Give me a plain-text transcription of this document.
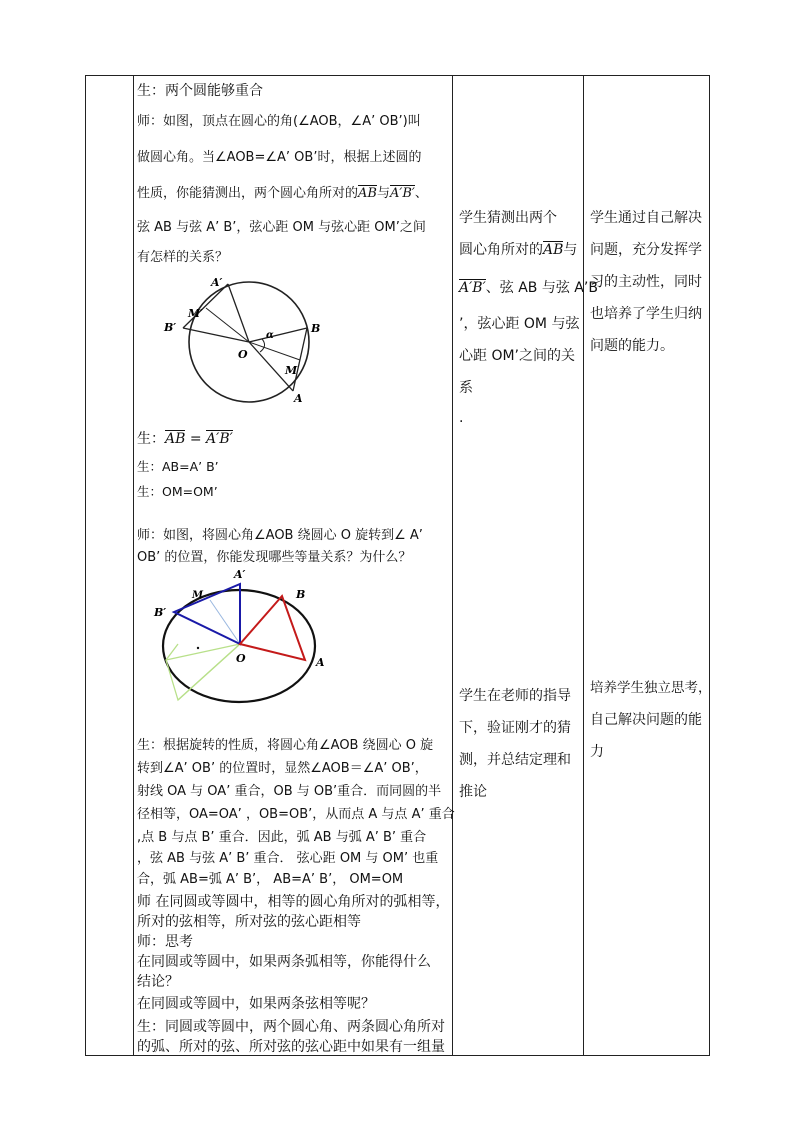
生：两个圆能够重合
师：如图，顶点在圆心的角(∠AOB，∠A’ OB’)叫
做圆心角。当∠AOB=∠A’ OB’时，根据上述圆的
性质，你能猜测出，两个圆心角所对的AB与A′B′、
弦 AB 与弦 A’ B’，弦心距 OM 与弦心距 OM’之间
有怎样的关系？
A′
B′
M′
O
B
A
M
α
生：AB = A′B′
生：AB=A’ B’
生：OM=OM’
师：如图，将圆心角∠AOB 绕圆心 O 旋转到∠ A’
OB’ 的位置，你能发现哪些等量关系？为什么？
A′
B′
M	B
O	A
生：根据旋转的性质，将圆心角∠AOB 绕圆心 O 旋
转到∠A’ OB’ 的位置时，显然∠AOB＝∠A’ OB’，
射线 OA 与 OA’ 重合，OB 与 OB’重合．而同圆的半
径相等，OA=OA’ ，OB=OB’，从而点 A 与点 A’ 重合
,点 B 与点 B’ 重合．因此，弧 AB 与弧 A’ B’ 重合
，弦 AB 与弦 A’ B’ 重合． 弦心距 OM 与 OM’ 也重
合，弧 AB=弧 A’ B’， AB=A’ B’， OM=OM
师 在同圆或等圆中，相等的圆心角所对的弧相等，
所对的弦相等，所对弦的弦心距相等
师：思考
在同圆或等圆中，如果两条弧相等，你能得什么
结论？
在同圆或等圆中，如果两条弦相等呢？
生：同圆或等圆中，两个圆心角、两条圆心角所对
的弧、所对的弦、所对弦的弦心距中如果有一组量
学生猜测出两个
圆心角所对的AB与
A′B′、弦 AB 与弦 A’B
’，弦心距 OM 与弦
心距 OM’之间的关
系
.
学生在老师的指导
下，验证刚才的猜
测，并总结定理和
推论
学生通过自己解决
问题，充分发挥学
习的主动性，同时
也培养了学生归纳
问题的能力。
培养学生独立思考，
自己解决问题的能
力
